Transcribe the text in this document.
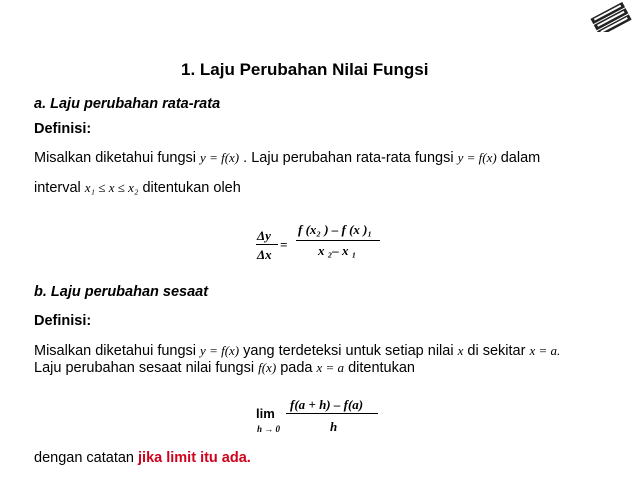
1. Laju Perubahan Nilai Fungsi
a. Laju perubahan rata-rata
Definisi:
Misalkan diketahui fungsi y = f(x) . Laju perubahan rata-rata fungsi y = f(x) dalam
interval x₁ ≤ x ≤ x₂ ditentukan oleh
Δy
Δx
=
f (x₂ ) – f (x )₁
x ₂– x ₁
b. Laju perubahan sesaat
Definisi:
Misalkan diketahui fungsi y = f(x) yang terdeteksi untuk setiap nilai x di sekitar x = a.
Laju perubahan sesaat nilai fungsi f(x) pada x = a ditentukan
f(a + h) – f(a)
h
lim
h → 0
dengan catatan jika limit itu ada.
